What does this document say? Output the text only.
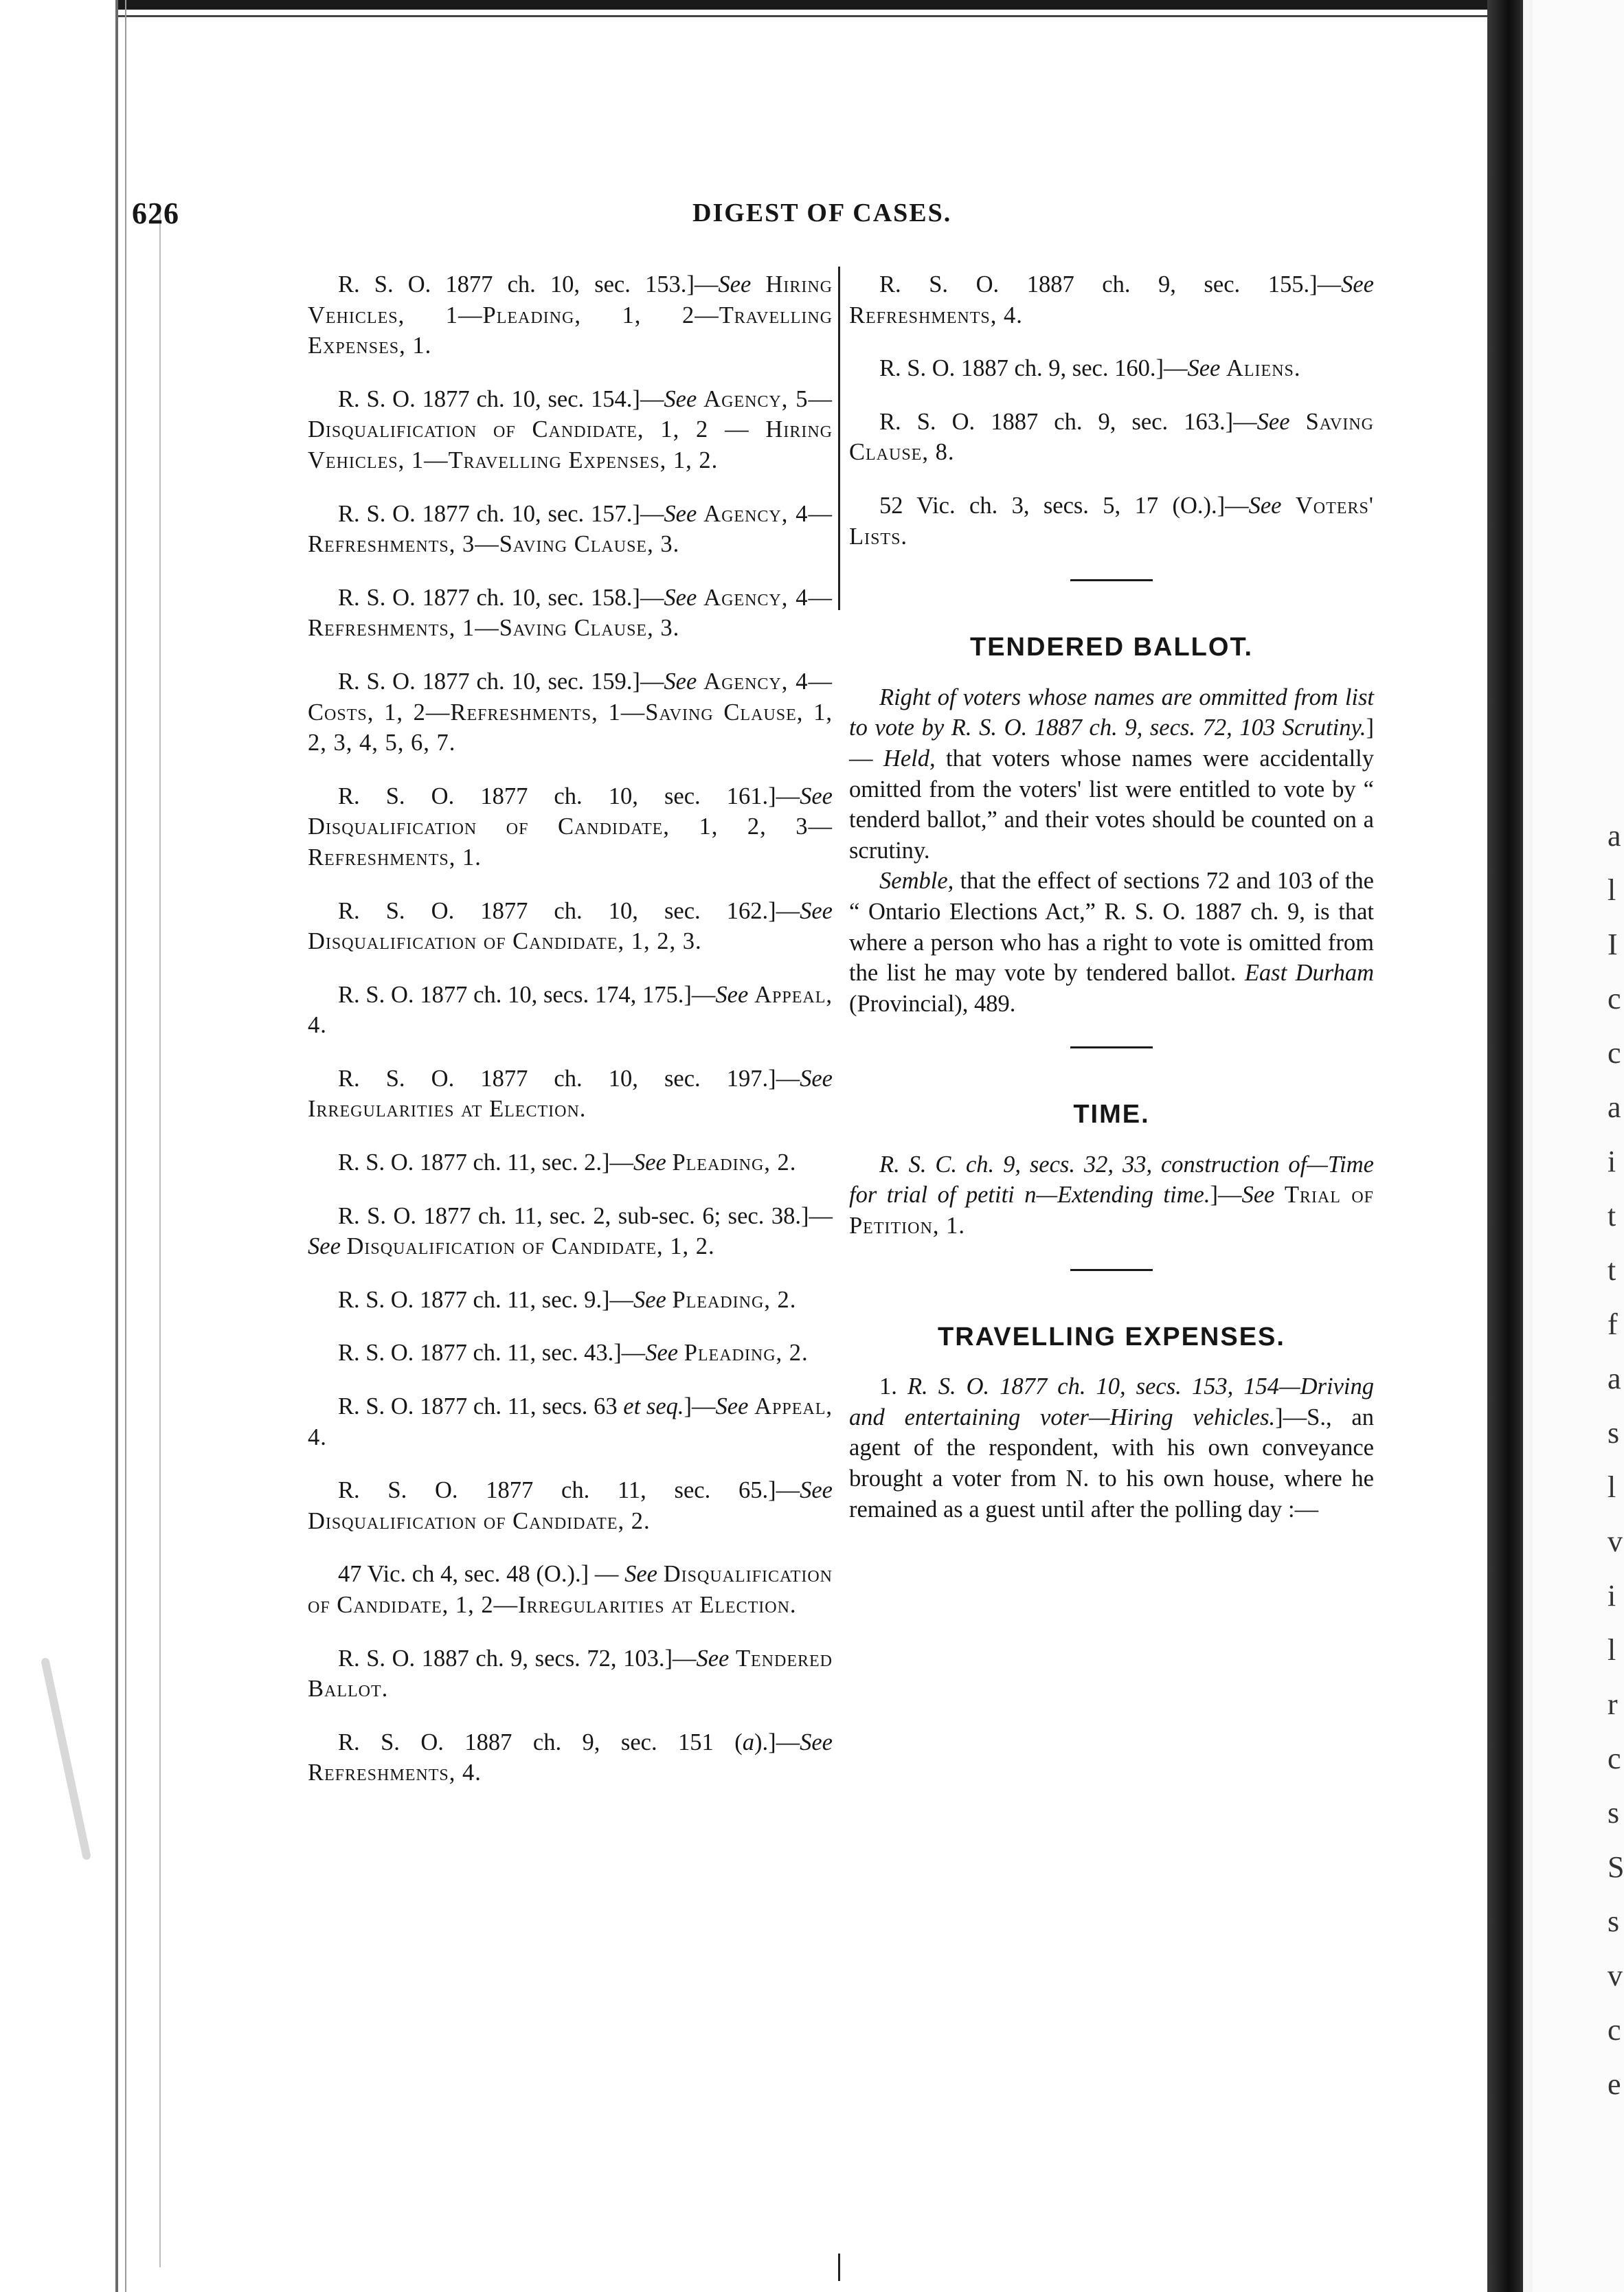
626	DIGEST OF CASES.

R. S. O. 1877 ch. 10, sec. 153.]—See Hiring Vehicles, 1—Pleading, 1, 2—Travelling Expenses, 1.

R. S. O. 1877 ch. 10, sec. 154.]—See Agency, 5—Disqualification of Candidate, 1, 2 — Hiring Vehicles, 1—Travelling Expenses, 1, 2.

R. S. O. 1877 ch. 10, sec. 157.]—See Agency, 4—Refreshments, 3—Saving Clause, 3.

R. S. O. 1877 ch. 10, sec. 158.]—See Agency, 4—Refreshments, 1—Saving Clause, 3.

R. S. O. 1877 ch. 10, sec. 159.]—See Agency, 4—Costs, 1, 2—Refreshments, 1—Saving Clause, 1, 2, 3, 4, 5, 6, 7.

R. S. O. 1877 ch. 10, sec. 161.]—See Disqualification of Candidate, 1, 2, 3—Refreshments, 1.

R. S. O. 1877 ch. 10, sec. 162.]—See Disqualification of Candidate, 1, 2, 3.

R. S. O. 1877 ch. 10, secs. 174, 175.]—See Appeal, 4.

R. S. O. 1877 ch. 10, sec. 197.]—See Irregularities at Election.

R. S. O. 1877 ch. 11, sec. 2.]—See Pleading, 2.

R. S. O. 1877 ch. 11, sec. 2, sub-sec. 6; sec. 38.]—See Disqualification of Candidate, 1, 2.

R. S. O. 1877 ch. 11, sec. 9.]—See Pleading, 2.

R. S. O. 1877 ch. 11, sec. 43.]—See Pleading, 2.

R. S. O. 1877 ch. 11, secs. 63 et seq.]—See Appeal, 4.

R. S. O. 1877 ch. 11, sec. 65.]—See Disqualification of Candidate, 2.

47 Vic. ch 4, sec. 48 (O.).] — See Disqualification of Candidate, 1, 2—Irregularities at Election.

R. S. O. 1887 ch. 9, secs. 72, 103.]—See Tendered Ballot.

R. S. O. 1887 ch. 9, sec. 151 (a).]—See Refreshments, 4.

R. S. O. 1887 ch. 9, sec. 155.]—See Refreshments, 4.

R. S. O. 1887 ch. 9, sec. 160.]—See Aliens.

R. S. O. 1887 ch. 9, sec. 163.]—See Saving Clause, 8.

52 Vic. ch. 3, secs. 5, 17 (O.).]—See Voters' Lists.

TENDERED BALLOT.

Right of voters whose names are ommitted from list to vote by R. S. O. 1887 ch. 9, secs. 72, 103 Scrutiny.] — Held, that voters whose names were accidentally omitted from the voters' list were entitled to vote by “ tenderd ballot,” and their votes should be counted on a scrutiny.

Semble, that the effect of sections 72 and 103 of the “ Ontario Elections Act,” R. S. O. 1887 ch. 9, is that where a person who has a right to vote is omitted from the list he may vote by tendered ballot. East Durham (Provincial), 489.

TIME.

R. S. C. ch. 9, secs. 32, 33, construction of—Time for trial of petiti n—Extending time.]—See Trial of Petition, 1.

TRAVELLING EXPENSES.

1. R. S. O. 1877 ch. 10, secs. 153, 154—Driving and entertaining voter—Hiring vehicles.]—S., an agent of the respondent, with his own conveyance brought a voter from N. to his own house, where he remained as a guest until after the polling day :—

a
l
I
c
c
a
i
t
t
f
a
s
l
v
i
l
r
c
s
S
s
v
c
e
